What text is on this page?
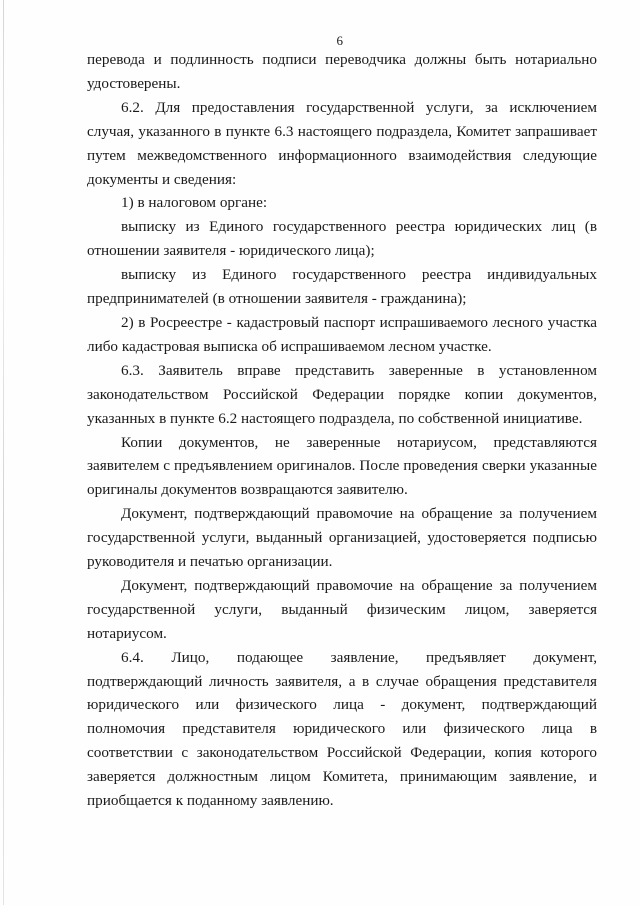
6

перевода и подлинность подписи переводчика должны быть нотариально удостоверены.

6.2. Для предоставления государственной услуги, за исключением случая, указанного в пункте 6.3 настоящего подраздела, Комитет запрашивает путем межведомственного информационного взаимодействия следующие документы и сведения:

1) в налоговом органе:

выписку из Единого государственного реестра юридических лиц (в отношении заявителя - юридического лица);

выписку из Единого государственного реестра индивидуальных предпринимателей (в отношении заявителя - гражданина);

2) в Росреестре - кадастровый паспорт испрашиваемого лесного участка либо кадастровая выписка об испрашиваемом лесном участке.

6.3. Заявитель вправе представить заверенные в установленном законодательством Российской Федерации порядке копии документов, указанных в пункте 6.2 настоящего подраздела, по собственной инициативе.

Копии документов, не заверенные нотариусом, представляются заявителем с предъявлением оригиналов. После проведения сверки указанные оригиналы документов возвращаются заявителю.

Документ, подтверждающий правомочие на обращение за получением государственной услуги, выданный организацией, удостоверяется подписью руководителя и печатью организации.

Документ, подтверждающий правомочие на обращение за получением государственной услуги, выданный физическим лицом, заверяется нотариусом.

6.4. Лицо, подающее заявление, предъявляет документ, подтверждающий личность заявителя, а в случае обращения представителя юридического или физического лица - документ, подтверждающий полномочия представителя юридического или физического лица в соответствии с законодательством Российской Федерации, копия которого заверяется должностным лицом Комитета, принимающим заявление, и приобщается к поданному заявлению.
